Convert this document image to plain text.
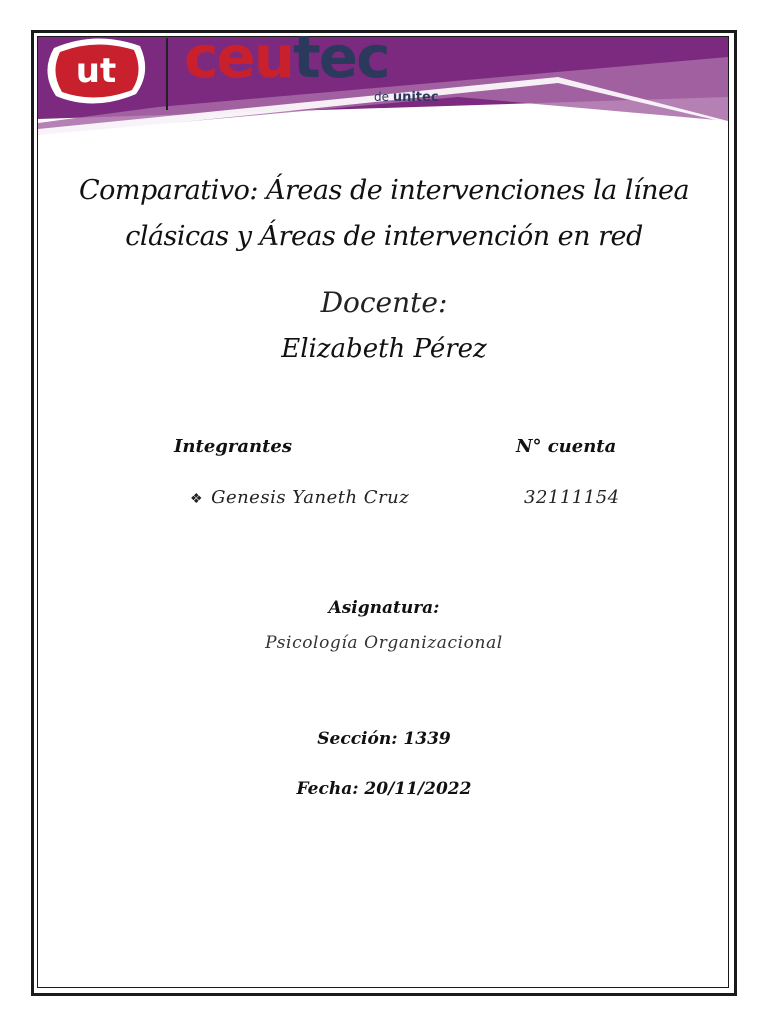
ut ceutec
de unitec
Comparativo: Áreas de intervenciones la línea
clásicas y Áreas de intervención en red
Docente:
Elizabeth Pérez
Integrantes	N° cuenta
❖ Genesis Yaneth Cruz	32111154
Asignatura:
Psicología Organizacional
Sección: 1339
Fecha: 20/11/2022
